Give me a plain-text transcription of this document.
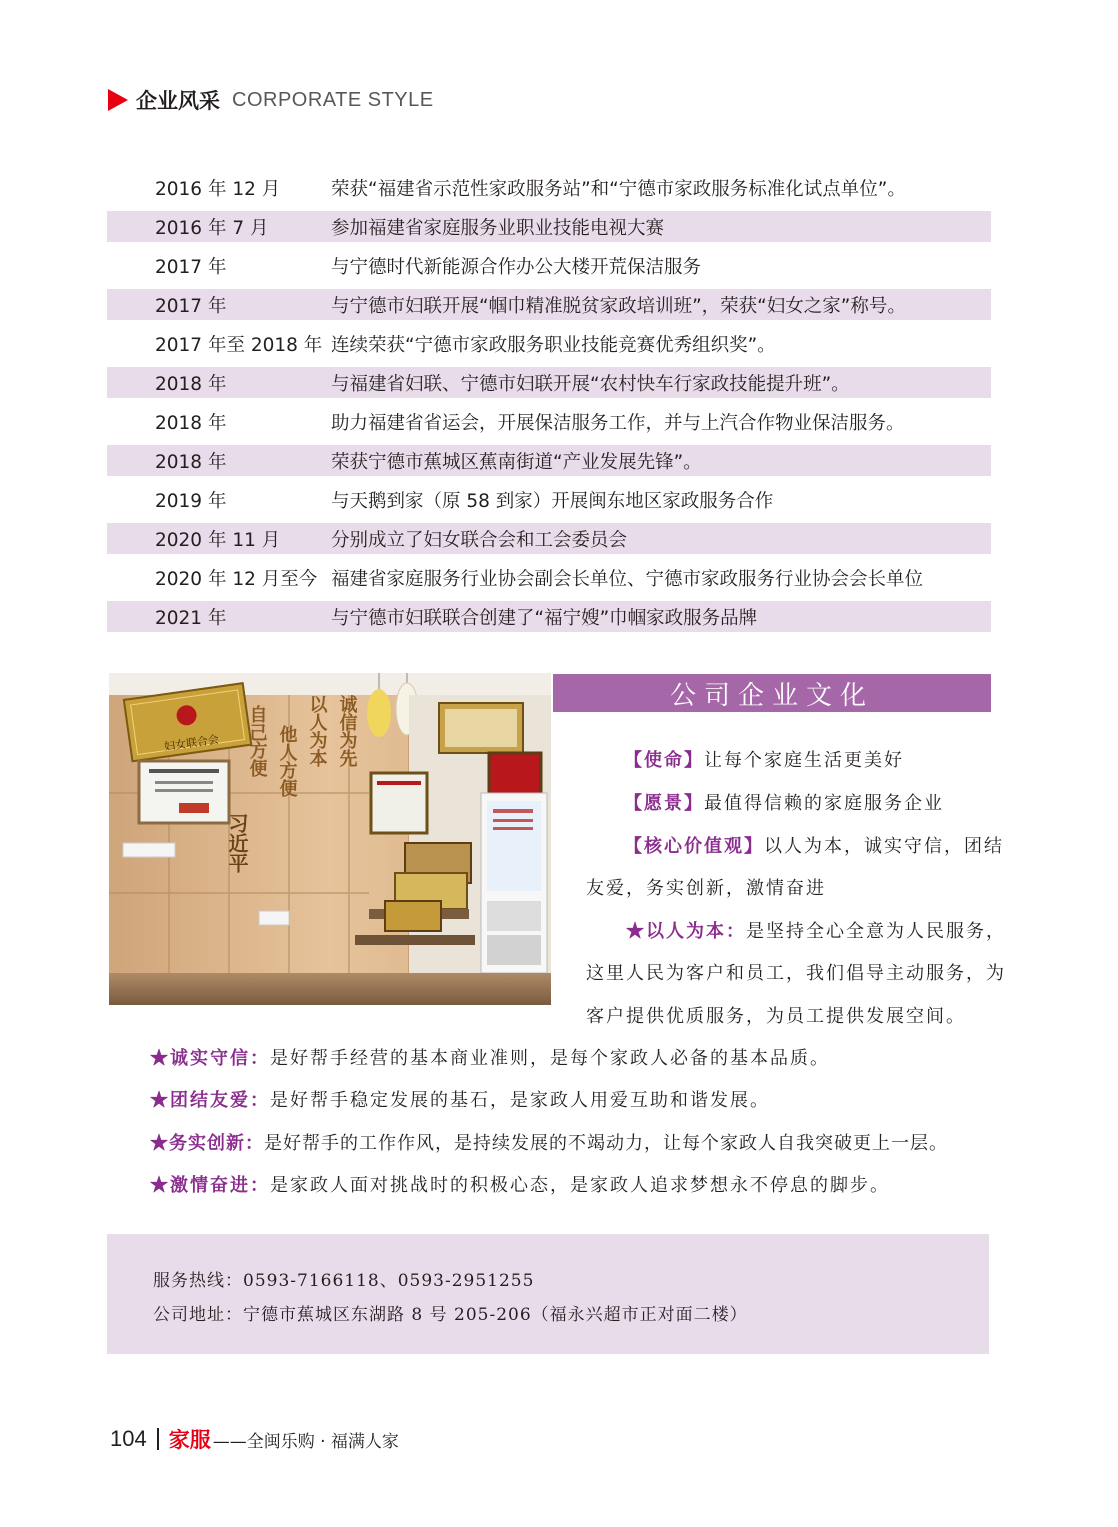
企业风采 CORPORATE STYLE
2016 年 12 月	荣获“福建省示范性家政服务站”和“宁德市家政服务标准化试点单位”。
2016 年 7 月	参加福建省家庭服务业职业技能电视大赛
2017 年	与宁德时代新能源合作办公大楼开荒保洁服务
2017 年	与宁德市妇联开展“帼巾精准脱贫家政培训班”，荣获“妇女之家”称号。
2017 年至 2018 年 连续荣获“宁德市家政服务职业技能竞赛优秀组织奖”。
2018 年	与福建省妇联、宁德市妇联开展“农村快车行家政技能提升班”。
2018 年	助力福建省省运会，开展保洁服务工作，并与上汽合作物业保洁服务。
2018 年	荣获宁德市蕉城区蕉南街道“产业发展先锋”。
2019 年	与天鹅到家（原 58 到家）开展闽东地区家政服务合作
2020 年 11 月	分别成立了妇女联合会和工会委员会
2020 年 12 月至今 福建省家庭服务行业协会副会长单位、宁德市家政服务行业协会会长单位
2021 年	与宁德市妇联联合创建了“福宁嫂”巾帼家政服务品牌
妇女联合会 自己方便 他人方便 以人为本 诚信为先
习近平
公司企业文化
【使命】让每个家庭生活更美好
【愿景】最值得信赖的家庭服务企业
【核心价值观】以人为本，诚实守信，团结
友爱，务实创新，激情奋进
★以人为本：是坚持全心全意为人民服务，
这里人民为客户和员工，我们倡导主动服务，为
客户提供优质服务，为员工提供发展空间。
★诚实守信：是好帮手经营的基本商业准则，是每个家政人必备的基本品质。
★团结友爱：是好帮手稳定发展的基石，是家政人用爱互助和谐发展。
★务实创新：是好帮手的工作作风，是持续发展的不竭动力，让每个家政人自我突破更上一层。
★激情奋进：是家政人面对挑战时的积极心态，是家政人追求梦想永不停息的脚步。
服务热线：0593-7166118、0593-2951255
公司地址：宁德市蕉城区东湖路 8 号 205-206（福永兴超市正对面二楼）
104 家服 ——全闽乐购 · 福满人家
